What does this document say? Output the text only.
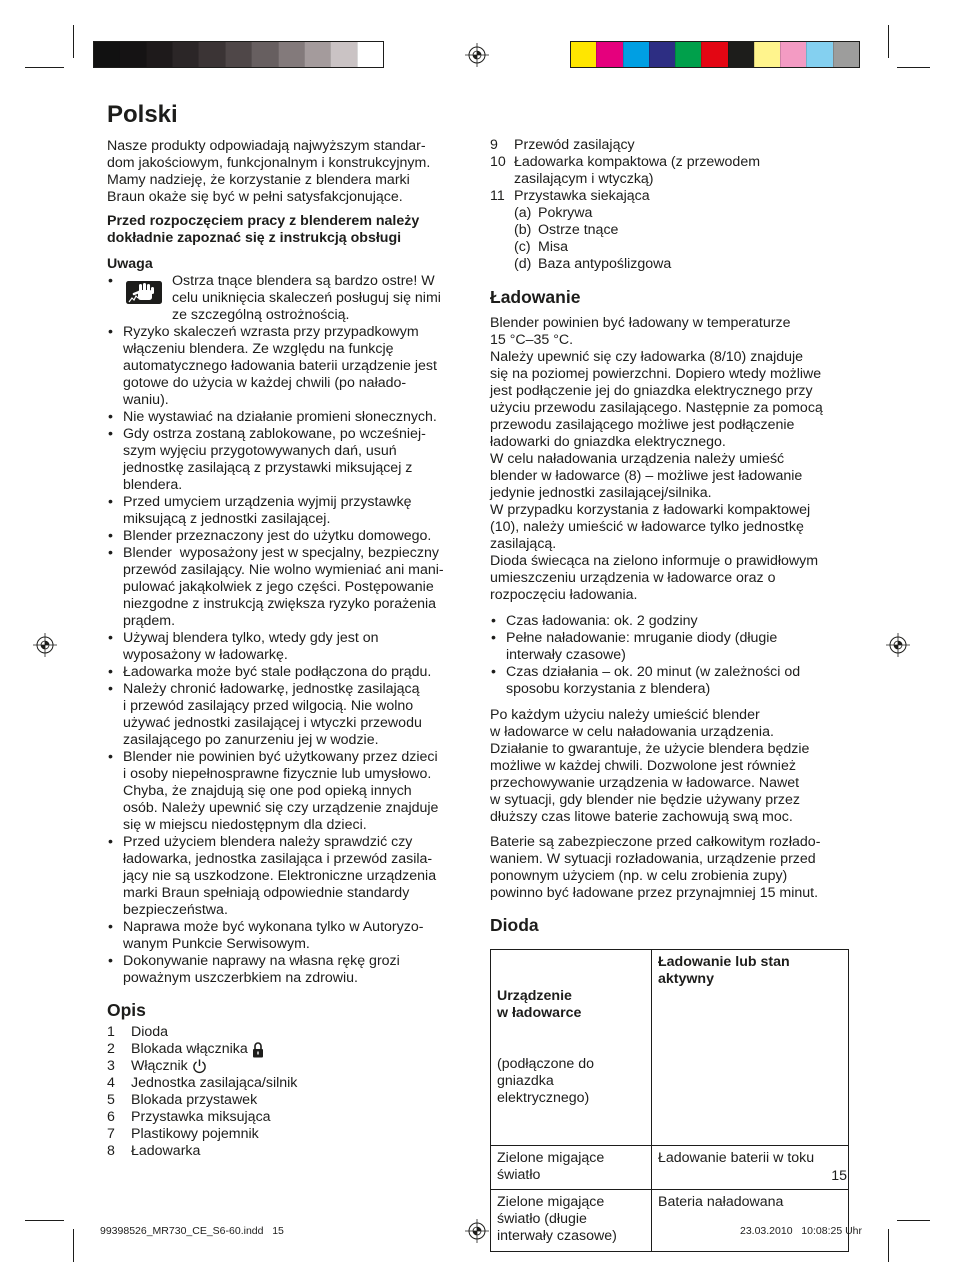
Polski
Nasze produkty odpowiadają najwyższym standar-
dom jakościowym, funkcjonalnym i konstrukcyjnym.
Mamy nadzieję, że korzystanie z blendera marki
Braun okaże się być w pełni satysfakcjonujące.
Przed rozpoczęciem pracy z blenderem należy
dokładnie zapoznać się z instrukcją obsługi
Uwaga
•	Ostrza tnące blendera są bardzo ostre! W
celu uniknięcia skaleczeń posługuj się nimi
ze szczególną ostrożnością.
• Ryzyko skaleczeń wzrasta przy przypadkowym
włączeniu blendera. Ze względu na funkcję
automatycznego ładowania baterii urządzenie jest
gotowe do użycia w każdej chwili (po nałado-
waniu).
• Nie wystawiać na działanie promieni słonecznych.
• Gdy ostrza zostaną zablokowane, po wcześniej-
szym wyjęciu przygotowywanych dań, usuń
jednostkę zasilającą z przystawki miksującej z
blendera.
• Przed umyciem urządzenia wyjmij przystawkę
miksującą z jednostki zasilającej.
• Blender przeznaczony jest do użytku domowego.
• Blender  wyposażony jest w specjalny, bezpieczny
przewód zasilający. Nie wolno wymieniać ani mani-
pulować jakąkolwiek z jego części. Postępowanie
niezgodne z instrukcją zwiększa ryzyko porażenia
prądem.
• Używaj blendera tylko, wtedy gdy jest on
wyposażony w ładowarkę.
• Ładowarka może być stale podłączona do prądu.
• Należy chronić ładowarkę, jednostkę zasilającą
i przewód zasilający przed wilgocią. Nie wolno
używać jednostki zasilającej i wtyczki przewodu
zasilającego po zanurzeniu jej w wodzie.
• Blender nie powinien być użytkowany przez dzieci
i osoby niepełnosprawne fizycznie lub umysłowo.
Chyba, że znajdują się one pod opieką innych
osób. Należy upewnić się czy urządzenie znajduje
się w miejscu niedostępnym dla dzieci.
• Przed użyciem blendera należy sprawdzić czy
ładowarka, jednostka zasilająca i przewód zasila-
jący nie są uszkodzone. Elektroniczne urządzenia
marki Braun spełniają odpowiednie standardy
bezpieczeństwa.
• Naprawa może być wykonana tylko w Autoryzo-
wanym Punkcie Serwisowym.
• Dokonywanie naprawy na własna rękę grozi
poważnym uszczerbkiem na zdrowiu.
Opis
1	Dioda
2	Blokada włącznika
3	Włącznik
4	Jednostka zasilająca/silnik
5	Blokada przystawek
6	Przystawka miksująca
7	Plastikowy pojemnik
8	Ładowarka
9	Przewód zasilający
10 Ładowarka kompaktowa (z przewodem
zasilającym i wtyczką)
11 Przystawka siekająca
(a) Pokrywa
(b) Ostrze tnące
(c) Misa
(d) Baza antypoślizgowa
Ładowanie
Blender powinien być ładowany w temperaturze
15 °C–35 °C.
Należy upewnić się czy ładowarka (8/10) znajduje
się na poziomej powierzchni. Dopiero wtedy możliwe
jest podłączenie jej do gniazdka elektrycznego przy
użyciu przewodu zasilającego. Następnie za pomocą
przewodu zasilającego możliwe jest podłączenie
ładowarki do gniazdka elektrycznego.
W celu naładowania urządzenia należy umieść
blender w ładowarce (8) – możliwe jest ładowanie
jedynie jednostki zasilającej/silnika.
W przypadku korzystania z ładowarki kompaktowej
(10), należy umieścić w ładowarce tylko jednostkę
zasilającą.
Dioda świecąca na zielono informuje o prawidłowym
umieszczeniu urządzenia w ładowarce oraz o
rozpoczęciu ładowania.
• Czas ładowania: ok. 2 godziny
• Pełne naładowanie: mruganie diody (długie
interwały czasowe)
• Czas działania – ok. 20 minut (w zależności od
sposobu korzystania z blendera)
Po każdym użyciu należy umieścić blender
w ładowarce w celu naładowania urządzenia.
Działanie to gwarantuje, że użycie blendera będzie
możliwe w każdej chwili. Dozwolone jest również
przechowywanie urządzenia w ładowarce. Nawet
w sytuacji, gdy blender nie będzie używany przez
dłuższy czas litowe baterie zachowują swą moc.
Baterie są zabezpieczone przed całkowitym rozłado-
waniem. W sytuacji rozładowania, urządzenie przed
ponownym użyciem (np. w celu zrobienia zupy)
powinno być ładowane przez przynajmniej 15 minut.
Dioda

Urządzenie
w ładowarce

(podłączone do
gniazdka
elektrycznego)	Ładowanie lub stan
aktywny
Zielone migające
światło	Ładowanie baterii w toku
Zielone migające
światło (długie
interwały czasowe)	Bateria naładowana
15
99398526_MR730_CE_S6-60.indd   15	23.03.2010   10:08:25 Uhr
